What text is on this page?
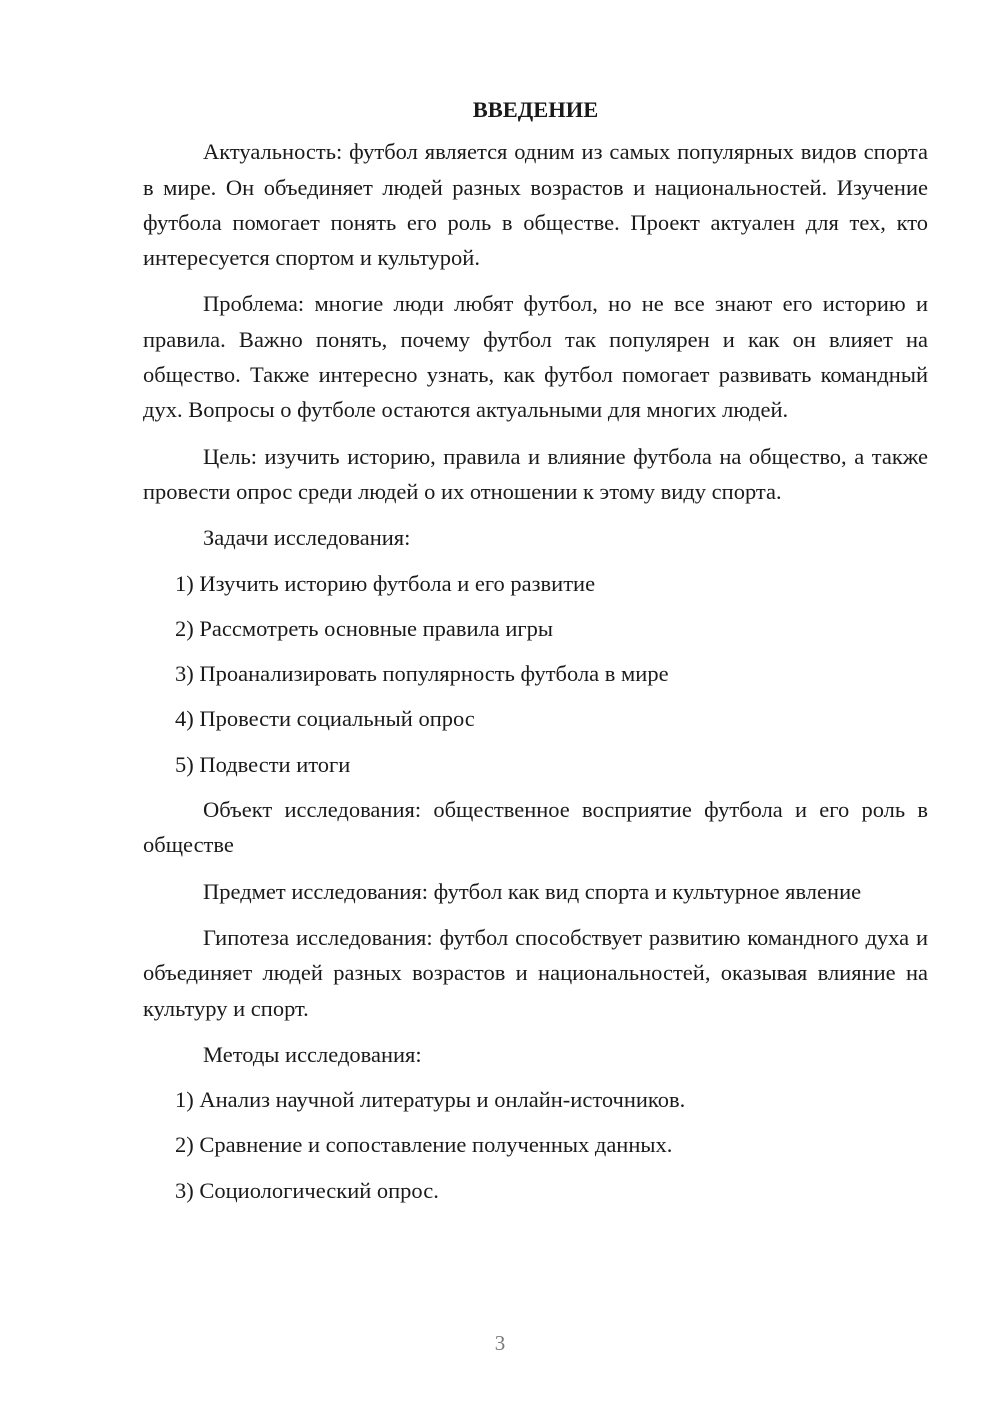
ВВЕДЕНИЕ

Актуальность: футбол является одним из самых популярных видов спорта в мире. Он объединяет людей разных возрастов и национальностей. Изучение футбола помогает понять его роль в обществе. Проект актуален для тех, кто интересуется спортом и культурой.

Проблема: многие люди любят футбол, но не все знают его историю и правила. Важно понять, почему футбол так популярен и как он влияет на общество. Также интересно узнать, как футбол помогает развивать командный дух. Вопросы о футболе остаются актуальными для многих людей.

Цель: изучить историю, правила и влияние футбола на общество, а также провести опрос среди людей о их отношении к этому виду спорта.

Задачи исследования:
1) Изучить историю футбола и его развитие
2) Рассмотреть основные правила игры
3) Проанализировать популярность футбола в мире
4) Провести социальный опрос
5) Подвести итоги

Объект исследования: общественное восприятие футбола и его роль в обществе

Предмет исследования: футбол как вид спорта и культурное явление

Гипотеза исследования: футбол способствует развитию командного духа и объединяет людей разных возрастов и национальностей, оказывая влияние на культуру и спорт.

Методы исследования:
1) Анализ научной литературы и онлайн-источников.
2) Сравнение и сопоставление полученных данных.
3) Социологический опрос.
3
